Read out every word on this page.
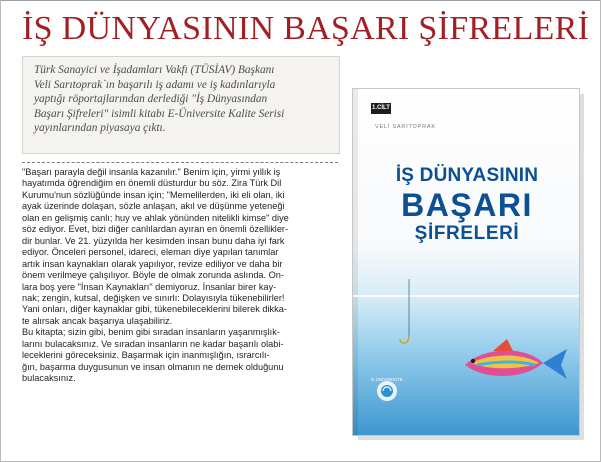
İŞ DÜNYASININ BAŞARI ŞİFRELERİ
Türk Sanayici ve İşadamları Vakfı (TÜSİAV) Başkanı
Veli Sarıtoprak`ın başarılı iş adamı ve iş kadınlarıyla
yaptığı röportajlarından derlediği "İş Dünyasından
Başarı Şifreleri" isimli kitabı E-Üniversite Kalite Serisi
yayınlarından piyasaya çıktı.
"Başarı parayla değil insanla kazanılır." Benim için, yirmi yıllık iş
hayatımda öğrendiğim en önemli düsturdur bu söz. Zira Türk Dil
Kurumu'nun sözlüğünde insan için; "Memelilerden, iki eli olan, iki
ayak üzerinde dolaşan, sözle anlaşan, akıl ve düşünme yeteneği
olan en gelişmiş canlı; huy ve ahlak yönünden nitelikli kimse" diye
söz ediyor. Evet, bizi diğer canlılardan ayıran en önemli özellikler-
dir bunlar. Ve 21. yüzyılda her kesimden insan bunu daha iyi fark
ediyor. Önceleri personel, idareci, eleman diye yapılan tanımlar
artık insan kaynakları olarak yapılıyor, revize ediliyor ve daha bir
önem verilmeye çalışılıyor. Böyle de olmak zorunda aslında. On-
lara boş yere "İnsan Kaynakları" demiyoruz. İnsanlar birer kay-
nak; zengin, kutsal, değişken ve sınırlı: Dolayısıyla tükenebilirler!
Yani onları, diğer kaynaklar gibi, tükenebileceklerini bilerek dikka-
te alırsak ancak başarıya ulaşabiliriz.
Bu kitapta; sizin gibi, benim gibi sıradan insanların yaşanmışlık-
larını bulacaksınız. Ve sıradan insanların ne kadar başarılı olabi-
leceklerini göreceksiniz. Başarmak için inanmışlığın, ısrarcılı-
ğın, başarma duygusunun ve insan olmanın ne demek olduğunu
bulacaksınız.
1.CİLT
VELİ SARITOPRAK
İŞ DÜNYASININ
BAŞARI
ŞİFRELERİ
E-ÜNİVERSİTE
